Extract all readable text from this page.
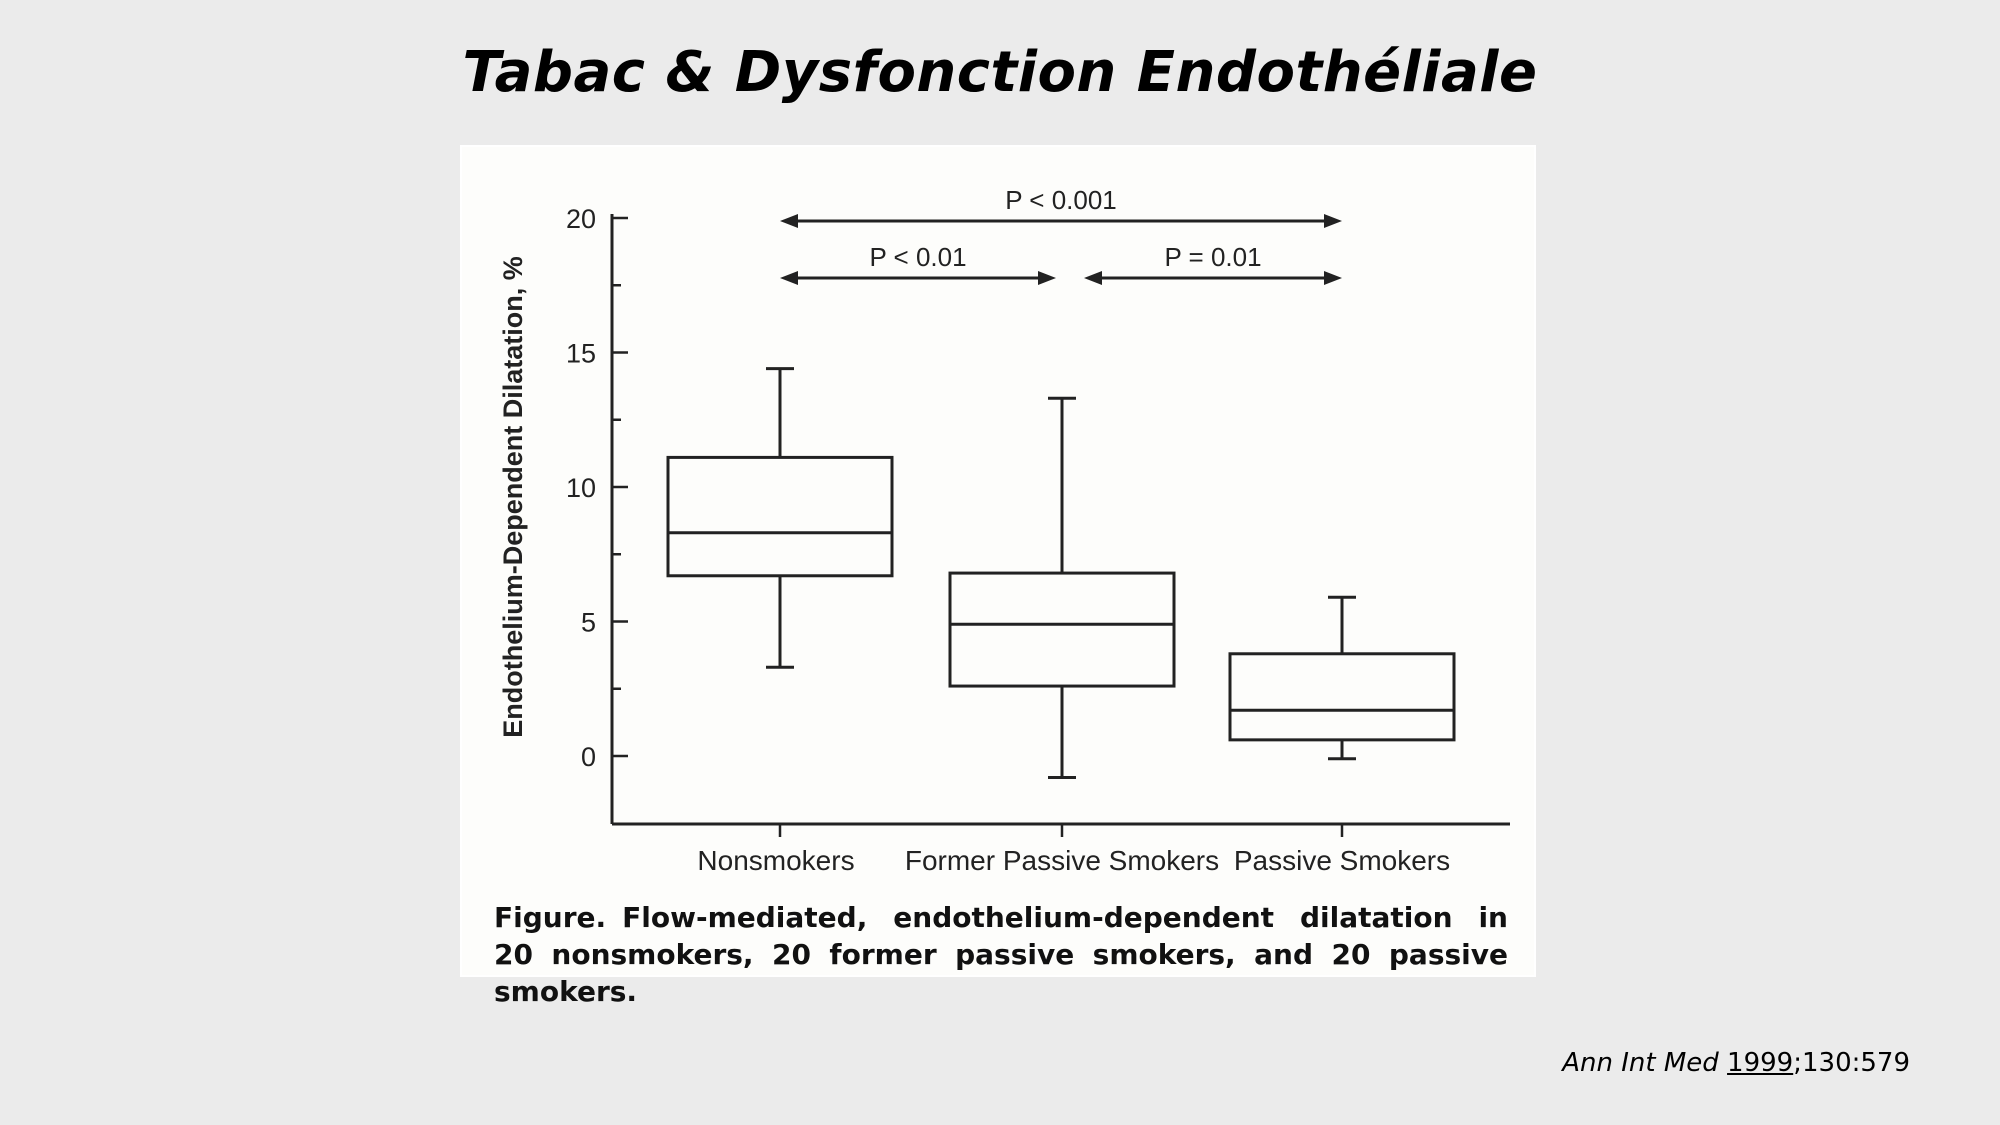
Tabac & Dysfonction Endothéliale
0
5
10
15
20
Endothelium-Dependent Dilatation, %
Nonsmokers Former Passive Smokers Passive Smokers
P < 0.001
P < 0.01	P = 0.01
Figure. Flow-mediated, endothelium-dependent dilatation in 20 nonsmokers, 20 former passive smokers, and 20 passive smokers.
Ann Int Med 1999;130:579
